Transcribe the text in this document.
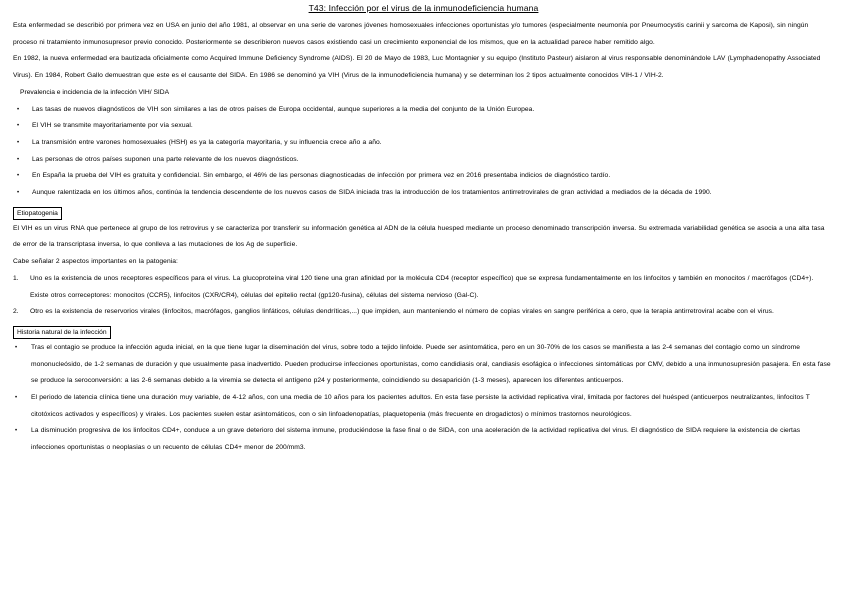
T43: Infección por el virus de la inmunodeficiencia humana

Esta enfermedad se describió por primera vez en USA en junio del año 1981, al observar en una serie de varones jóvenes homosexuales infecciones oportunistas y/o tumores (especialmente neumonía por Pneumocystis carinii y sarcoma de Kaposi), sin ningún proceso ni tratamiento inmunosupresor previo conocido. Posteriormente se describieron nuevos casos existiendo casi un crecimiento exponencial de los mismos, que en la actualidad parece haber remitido algo.

En 1982, la nueva enfermedad era bautizada oficialmente como Acquired Immune Deficiency Syndrome (AIDS). El 20 de Mayo de 1983, Luc Montagnier y su equipo (Instituto Pasteur) aislaron al virus responsable denominándole LAV (Lymphadenopathy Associated Virus). En 1984, Robert Gallo demuestran que este es el causante del SIDA. En 1986 se denominó ya VIH (Virus de la inmunodeficiencia humana) y se determinan los 2 tipos actualmente conocidos VIH-1 / VIH-2.

Prevalencia e incidencia de la infección VIH/ SIDA
• Las tasas de nuevos diagnósticos de VIH son similares a las de otros países de Europa occidental, aunque superiores a la media del conjunto de la Unión Europea.
• El VIH se transmite mayoritariamente por vía sexual.
• La transmisión entre varones homosexuales (HSH) es ya la categoría mayoritaria, y su influencia crece año a año.
• Las personas de otros países suponen una parte relevante de los nuevos diagnósticos.
• En España la prueba del VIH es gratuita y confidencial. Sin embargo, el 46% de las personas diagnosticadas de infección por primera vez en 2016 presentaba indicios de diagnóstico tardío.
• Aunque ralentizada en los últimos años, continúa la tendencia descendente de los nuevos casos de SIDA iniciada tras la introducción de los tratamientos antirretrovirales de gran actividad a mediados de la década de 1990.
Etiopatogenia

El VIH es un virus RNA que pertenece al grupo de los retrovirus y se caracteriza por transferir su información genética al ADN de la célula huesped mediante un proceso denominado transcripción inversa. Su extremada variabilidad genética se asocia a una alta tasa de error de la transcriptasa inversa, lo que conlleva a las mutaciones de los Ag de superficie.

Cabe señalar 2 aspectos importantes en la patogenia:

1. Uno es la existencia de unos receptores específicos para el virus. La glucoproteína viral 120 tiene una gran afinidad por la molécula CD4 (receptor específico) que se expresa fundamentalmente en los linfocitos y también en monocitos / macrófagos (CD4+). Existe otros correceptores: monocitos (CCR5), linfocitos (CXR/CR4), células del epitelio rectal (gp120-fusina), células del sistema nervioso (Gal-C).
2. Otro es la existencia de reservorios virales (linfocitos, macrófagos, ganglios linfáticos, células dendríticas,...) que impiden, aun manteniendo el número de copias virales en sangre periférica a cero, que la terapia antirretroviral acabe con el virus.
Historia natural de la infección
• Tras el contagio se produce la infección aguda inicial, en la que tiene lugar la diseminación del virus, sobre todo a tejido linfoide. Puede ser asintomática, pero en un 30-70% de los casos se manifiesta a las 2-4 semanas del contagio como un síndrome mononucleósido, de 1-2 semanas de duración y que usualmente pasa inadvertido. Pueden producirse infecciones oportunistas, como candidiasis oral, candiasis esofágica o infecciones sintomáticas por CMV, debido a una inmunosupresión pasajera. En esta fase se produce la seroconversión: a las 2-6 semanas debido a la viremia se detecta el antígeno p24 y posteriormente, coincidiendo su desaparición (1-3 meses), aparecen los diferentes anticuerpos.
• El periodo de latencia clínica tiene una duración muy variable, de 4-12 años, con una media de 10 años para los pacientes adultos. En esta fase persiste la actividad replicativa viral, limitada por factores del huésped (anticuerpos neutralizantes, linfocitos T citotóxicos activados y específicos) y virales. Los pacientes suelen estar asintomáticos, con o sin linfoadenopatías, plaquetopenia (más frecuente en drogadictos) o mínimos trastornos neurológicos.
• La disminución progresiva de los linfocitos CD4+, conduce a un grave deterioro del sistema inmune, produciéndose la fase final o de SIDA, con una aceleración de la actividad replicativa del virus. El diagnóstico de SIDA requiere la existencia de ciertas infecciones oportunistas o neoplasias o un recuento de células CD4+ menor de 200/mm3.
